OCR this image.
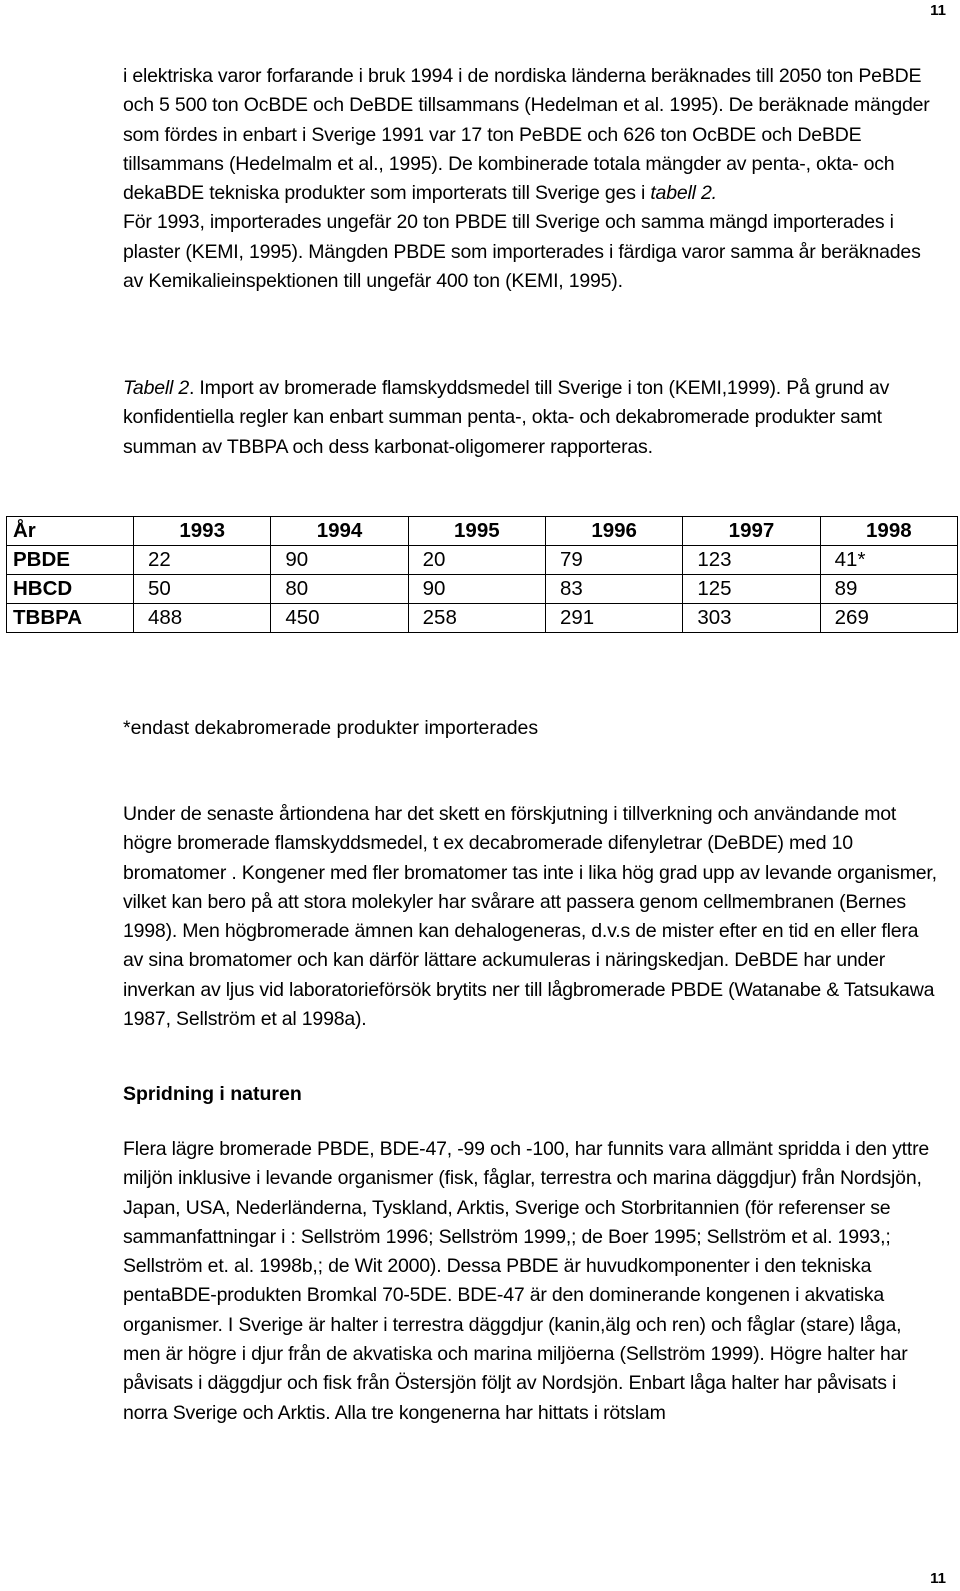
11

i elektriska varor forfarande i bruk 1994 i de nordiska länderna beräknades till 2050 ton PeBDE och 5 500 ton OcBDE och DeBDE tillsammans (Hedelman et al. 1995). De beräknade mängder som fördes in enbart i Sverige 1991 var 17 ton PeBDE och 626 ton OcBDE och DeBDE tillsammans (Hedelmalm et al., 1995). De kombinerade totala mängder av penta-, okta- och dekaBDE tekniska produkter som importerats till Sverige ges i tabell 2.
För 1993, importerades ungefär 20 ton PBDE till Sverige och samma mängd importerades i plaster (KEMI, 1995). Mängden PBDE som importerades i färdiga varor samma år beräknades av Kemikalieinspektionen till ungefär 400 ton (KEMI, 1995).

Tabell 2. Import av bromerade flamskyddsmedel till Sverige i ton (KEMI,1999). På grund av konfidentiella regler kan enbart summan penta-, okta- och dekabromerade produkter samt summan av TBBPA och dess karbonat-oligomerer rapporteras.

År	1993	1994	1995	1996	1997	1998
PBDE	22	90	20	79	123	41*
HBCD	50	80	90	83	125	89
TBBPA	488	450	258	291	303	269

*endast dekabromerade produkter importerades

Under de senaste årtiondena har det skett en förskjutning i tillverkning och användande mot högre bromerade flamskyddsmedel, t ex decabromerade difenyletrar (DeBDE) med 10 bromatomer . Kongener med fler bromatomer tas inte i lika hög grad upp av levande organismer, vilket kan bero på att stora molekyler har svårare att passera genom cellmembranen (Bernes 1998). Men högbromerade ämnen kan dehalogeneras, d.v.s de mister efter en tid en eller flera av sina bromatomer och kan därför lättare ackumuleras i näringskedjan. DeBDE har under inverkan av ljus vid laboratorieförsök brytits ner till lågbromerade PBDE (Watanabe & Tatsukawa 1987, Sellström et al 1998a).

Spridning i naturen

Flera lägre bromerade PBDE, BDE-47, -99 och -100, har funnits vara allmänt spridda i den yttre miljön inklusive i levande organismer (fisk, fåglar, terrestra och marina däggdjur) från Nordsjön, Japan, USA, Nederländerna, Tyskland, Arktis, Sverige och Storbritannien (för referenser se sammanfattningar i : Sellström 1996; Sellström 1999,; de Boer 1995; Sellström et al. 1993,; Sellström et. al. 1998b,; de Wit 2000). Dessa PBDE är huvudkomponenter i den tekniska pentaBDE-produkten Bromkal 70-5DE. BDE-47 är den dominerande kongenen i akvatiska organismer. I Sverige är halter i terrestra däggdjur (kanin,älg och ren) och fåglar (stare) låga, men är högre i djur från de akvatiska och marina miljöerna (Sellström 1999). Högre halter har påvisats i däggdjur och fisk från Östersjön följt av Nordsjön. Enbart låga halter har påvisats i norra Sverige och Arktis. Alla tre kongenerna har hittats i rötslam

11
